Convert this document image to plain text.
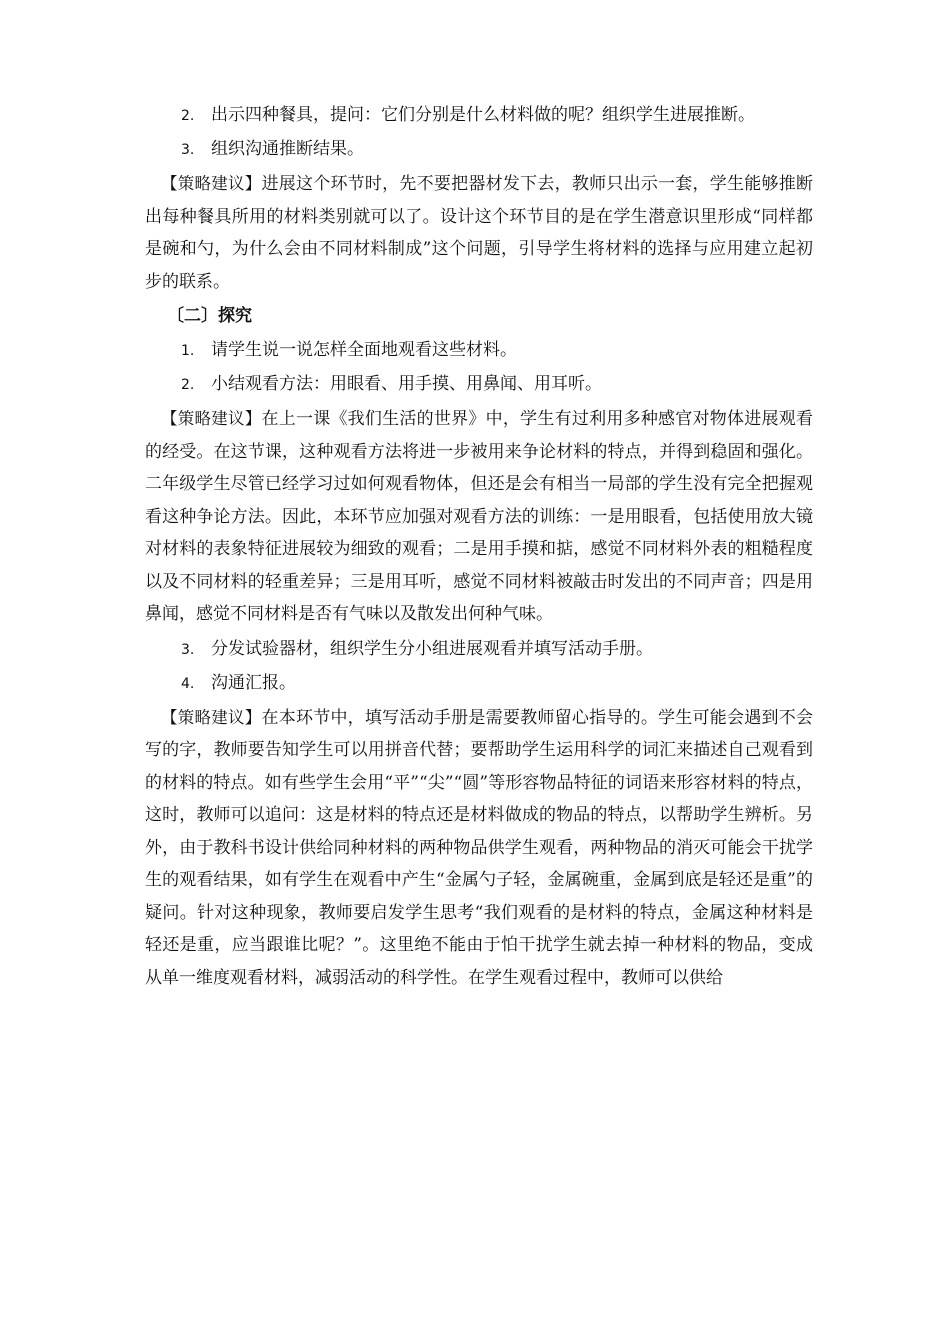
2. 出示四种餐具，提问：它们分别是什么材料做的呢？组织学生进展推断。
3. 组织沟通推断结果。

【策略建议】进展这个环节时，先不要把器材发下去，教师只出示一套，学生能够推断出每种餐具所用的材料类别就可以了。设计这个环节目的是在学生潜意识里形成“同样都是碗和勺，为什么会由不同材料制成”这个问题，引导学生将材料的选择与应用建立起初步的联系。

〔二〕探究
1. 请学生说一说怎样全面地观看这些材料。
2. 小结观看方法：用眼看、用手摸、用鼻闻、用耳听。

【策略建议】在上一课《我们生活的世界》中，学生有过利用多种感官对物体进展观看的经受。在这节课，这种观看方法将进一步被用来争论材料的特点，并得到稳固和强化。二年级学生尽管已经学习过如何观看物体，但还是会有相当一局部的学生没有完全把握观看这种争论方法。因此，本环节应加强对观看方法的训练：一是用眼看，包括使用放大镜对材料的表象特征进展较为细致的观看；二是用手摸和掂，感觉不同材料外表的粗糙程度以及不同材料的轻重差异；三是用耳听，感觉不同材料被敲击时发出的不同声音；四是用鼻闻，感觉不同材料是否有气味以及散发出何种气味。

3. 分发试验器材，组织学生分小组进展观看并填写活动手册。
4. 沟通汇报。

【策略建议】在本环节中，填写活动手册是需要教师留心指导的。学生可能会遇到不会写的字，教师要告知学生可以用拼音代替；要帮助学生运用科学的词汇来描述自己观看到的材料的特点。如有些学生会用“平”“尖”“圆”等形容物品特征的词语来形容材料的特点，这时，教师可以追问：这是材料的特点还是材料做成的物品的特点，以帮助学生辨析。另外，由于教科书设计供给同种材料的两种物品供学生观看，两种物品的消灭可能会干扰学生的观看结果，如有学生在观看中产生“金属勺子轻，金属碗重，金属到底是轻还是重”的疑问。针对这种现象，教师要启发学生思考“我们观看的是材料的特点，金属这种材料是轻还是重，应当跟谁比呢？”。这里绝不能由于怕干扰学生就去掉一种材料的物品，变成从单一维度观看材料，减弱活动的科学性。在学生观看过程中，教师可以供给
